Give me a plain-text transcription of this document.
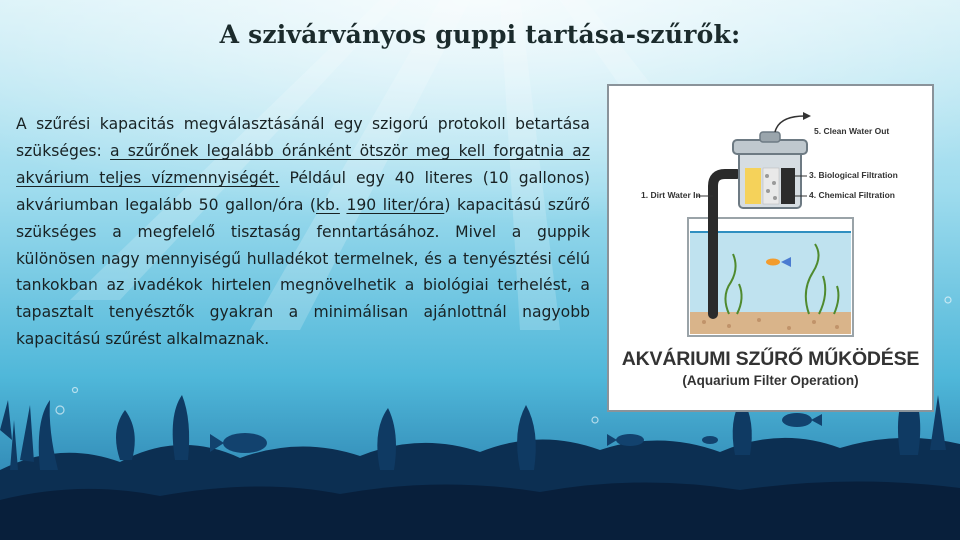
A szivárványos guppi tartása-szűrők:
A szűrési kapacitás megválasztásánál egy szigorú protokoll betartása szükséges: a szűrőnek legalább óránként ötször meg kell forgatnia az akvárium teljes vízmennyiségét. Például egy 40 literes (10 gallonos) akváriumban legalább 50 gallon/óra (kb. 190 liter/óra) kapacitású szűrő szükséges a megfelelő tisztaság fenntartásához. Mivel a guppik különösen nagy mennyiségű hulladékot termelnek, és a tenyésztési célú tankokban az ivadékok hirtelen megnövelhetik a biológiai terhelést, a tapasztalt tenyésztők gyakran a minimálisan ajánlottnál nagyobb kapacitású szűrést alkalmaznak.
5. Clean Water Out
1. Dirt Water In
3. Biological Filtration
4. Chemical Filtration
AKVÁRIUMI SZŰRŐ MŰKÖDÉSE
(Aquarium Filter Operation)
